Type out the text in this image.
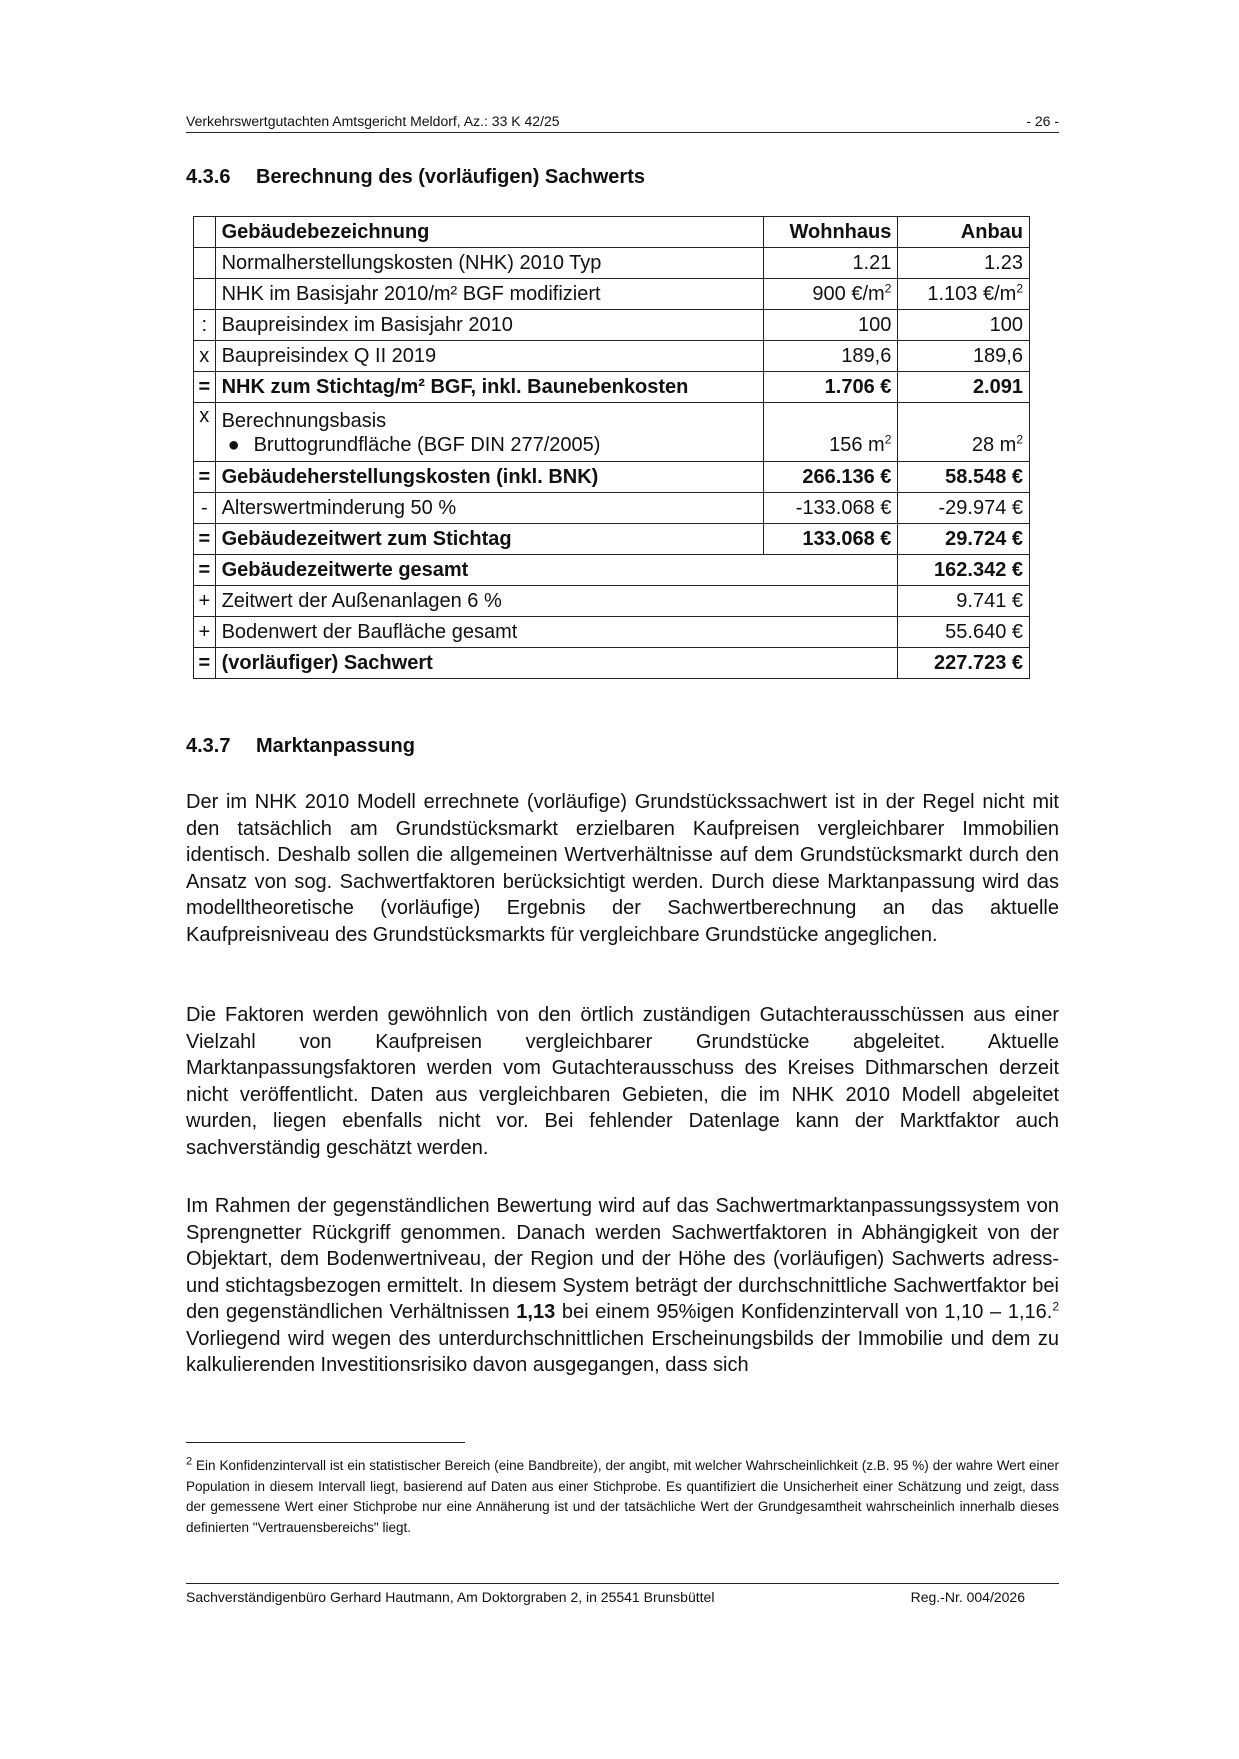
Verkehrswertgutachten Amtsgericht Meldorf, Az.: 33 K 42/25	- 26 -
4.3.6 Berechnung des (vorläufigen) Sachwerts
	Gebäudebezeichnung	Wohnhaus	Anbau
	Normalherstellungskosten (NHK) 2010 Typ	1.21	1.23
	NHK im Basisjahr 2010/m² BGF modifiziert	900 $€/m^2$	1.103 $€/m^2$
:	Baupreisindex im Basisjahr 2010	100	100
x	Baupreisindex Q II 2019	189,6	189,6
=	NHK zum Stichtag/m² BGF, inkl. Baunebenkosten	1.706 €	2.091
x	Berechnungsbasis
● Bruttogrundfläche (BGF DIN 277/2005)	156 $m^2$	28 $m^2$
=	Gebäudeherstellungskosten (inkl. BNK)	266.136 €	58.548 €
-	Alterswertminderung 50 %	-133.068 €	-29.974 €
=	Gebäudezeitwert zum Stichtag	133.068 €	29.724 €
=	Gebäudezeitwerte gesamt		162.342 €
+	Zeitwert der Außenanlagen 6 %		9.741 €
+	Bodenwert der Baufläche gesamt		55.640 €
=	(vorläufiger) Sachwert		227.723 €
4.3.7 Marktanpassung

Der im NHK 2010 Modell errechnete (vorläufige) Grundstückssachwert ist in der Regel nicht mit den tatsächlich am Grundstücksmarkt erzielbaren Kaufpreisen vergleichbarer Immobilien identisch. Deshalb sollen die allgemeinen Wertverhältnisse auf dem Grundstücksmarkt durch den Ansatz von sog. Sachwertfaktoren berücksichtigt werden. Durch diese Marktanpassung wird das modelltheoretische (vorläufige) Ergebnis der Sachwertberechnung an das aktuelle Kaufpreisniveau des Grundstücksmarkts für vergleichbare Grundstücke angeglichen.

Die Faktoren werden gewöhnlich von den örtlich zuständigen Gutachterausschüssen aus einer Vielzahl von Kaufpreisen vergleichbarer Grundstücke abgeleitet. Aktuelle Marktanpassungsfaktoren werden vom Gutachterausschuss des Kreises Dithmarschen derzeit nicht veröffentlicht. Daten aus vergleichbaren Gebieten, die im NHK 2010 Modell abgeleitet wurden, liegen ebenfalls nicht vor. Bei fehlender Datenlage kann der Marktfaktor auch sachverständig geschätzt werden.

Im Rahmen der gegenständlichen Bewertung wird auf das Sachwertmarktanpassungssystem von Sprengnetter Rückgriff genommen. Danach werden Sachwertfaktoren in Abhängigkeit von der Objektart, dem Bodenwertniveau, der Region und der Höhe des (vorläufigen) Sachwerts adress- und stichtagsbezogen ermittelt. In diesem System beträgt der durchschnittliche Sachwertfaktor bei den gegenständlichen Verhältnissen 1,13 bei einem 95%igen Konfidenzintervall von 1,10 – 1,16.$^2$ Vorliegend wird wegen des unterdurchschnittlichen Erscheinungsbilds der Immobilie und dem zu kalkulierenden Investitionsrisiko davon ausgegangen, dass sich

$^2$ Ein Konfidenzintervall ist ein statistischer Bereich (eine Bandbreite), der angibt, mit welcher Wahrscheinlichkeit (z.B. 95 %) der wahre Wert einer Population in diesem Intervall liegt, basierend auf Daten aus einer Stichprobe. Es quantifiziert die Unsicherheit einer Schätzung und zeigt, dass der gemessene Wert einer Stichprobe nur eine Annäherung ist und der tatsächliche Wert der Grundgesamtheit wahrscheinlich innerhalb dieses definierten "Vertrauensbereichs" liegt.

Sachverständigenbüro Gerhard Hautmann, Am Doktorgraben 2, in 25541 Brunsbüttel	Reg.-Nr. 004/2026
